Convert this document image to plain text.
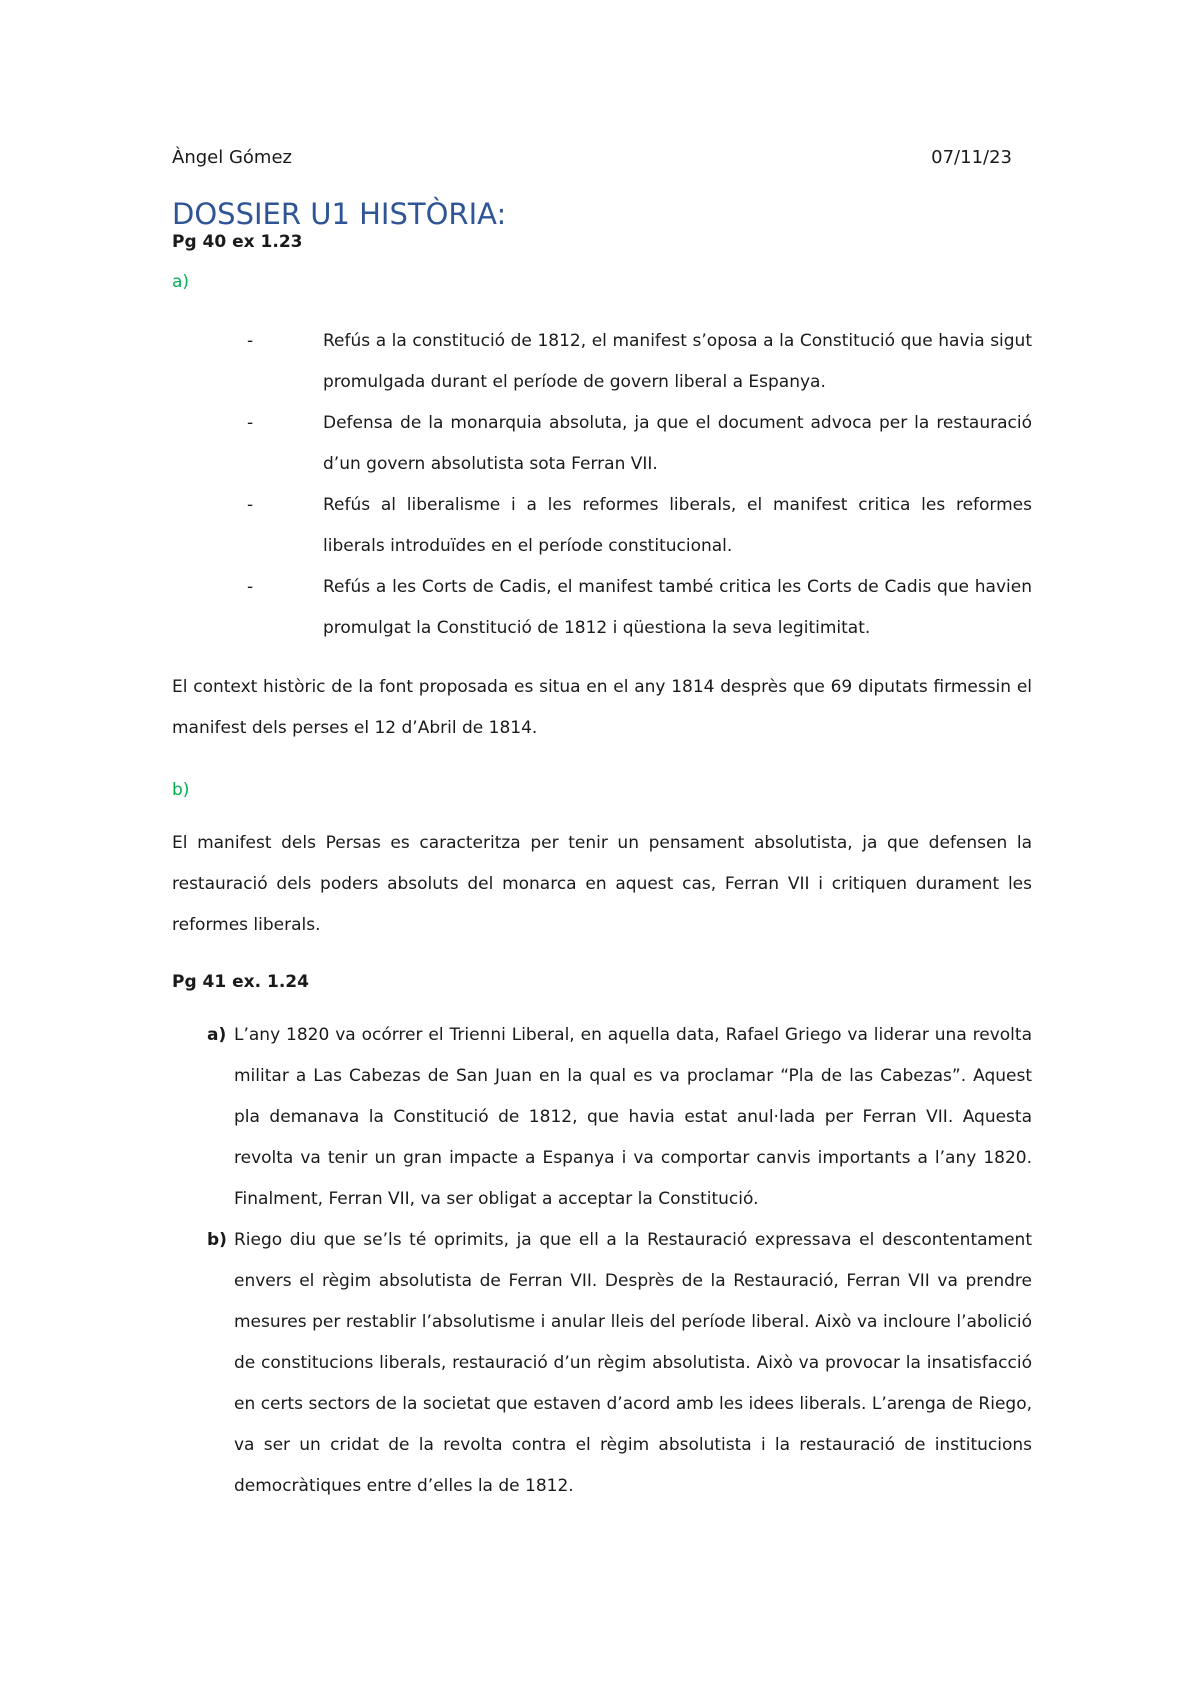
Àngel Gómez	07/11/23
DOSSIER U1 HISTÒRIA:
Pg 40 ex 1.23
a)
-	Refús a la constitució de 1812, el manifest s’oposa a la Constitució que havia sigut promulgada durant el període de govern liberal a Espanya.
-	Defensa de la monarquia absoluta, ja que el document advoca per la restauració d’un govern absolutista sota Ferran VII.
-	Refús al liberalisme i a les reformes liberals, el manifest critica les reformes liberals introduïdes en el període constitucional.
-	Refús a les Corts de Cadis, el manifest també critica les Corts de Cadis que havien promulgat la Constitució de 1812 i qüestiona la seva legitimitat.
El context històric de la font proposada es situa en el any 1814 desprès que 69 diputats firmessin el manifest dels perses el 12 d’Abril de 1814.
b)
El manifest dels Persas es caracteritza per tenir un pensament absolutista, ja que defensen la restauració dels poders absoluts del monarca en aquest cas, Ferran VII i critiquen durament les reformes liberals.
Pg 41 ex. 1.24
a) L’any 1820 va ocórrer el Trienni Liberal, en aquella data, Rafael Griego va liderar una revolta militar a Las Cabezas de San Juan en la qual es va proclamar “Pla de las Cabezas”. Aquest pla demanava la Constitució de 1812, que havia estat anul·lada per Ferran VII. Aquesta revolta va tenir un gran impacte a Espanya i va comportar canvis importants a l’any 1820. Finalment, Ferran VII, va ser obligat a acceptar la Constitució.
b) Riego diu que se’ls té oprimits, ja que ell a la Restauració expressava el descontentament envers el règim absolutista de Ferran VII. Desprès de la Restauració, Ferran VII va prendre mesures per restablir l’absolutisme i anular lleis del període liberal. Això va incloure l’abolició de constitucions liberals, restauració d’un règim absolutista. Això va provocar la insatisfacció en certs sectors de la societat que estaven d’acord amb les idees liberals. L’arenga de Riego, va ser un cridat de la revolta contra el règim absolutista i la restauració de institucions democràtiques entre d’elles la de 1812.
